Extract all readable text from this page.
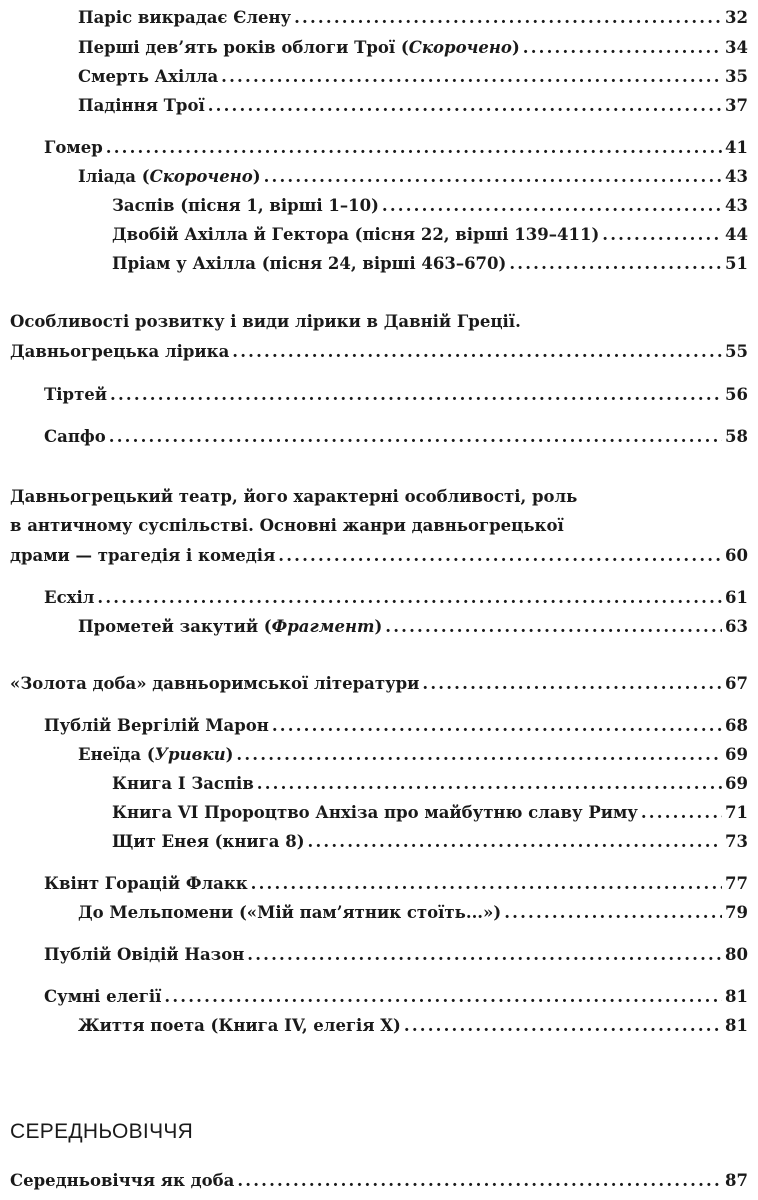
Паріс викрадає Єлену .....	32
Перші дев’ять років облоги Трої (Скорочено) .....	34
Смерть Ахілла .....	35
Падіння Трої .....	37
Гомер .....	41
Іліада (Скорочено) .....	43
Заспів (пісня 1, вірші 1–10) .....	43
Двобій Ахілла й Гектора (пісня 22, вірші 139–411) .....	44
Пріам у Ахілла (пісня 24, вірші 463–670) .....	51
Особливості розвитку і види лірики в Давній Греції.
Давньогрецька лірика .....	55
Тіртей .....	56
Сапфо .....	58
Давньогрецький театр, його характерні особливості, роль
в античному суспільстві. Основні жанри давньогрецької
драми — трагедія і комедія .....	60
Есхіл .....	61
Прометей закутий (Фрагмент) .....	63
«Золота доба» давньоримської літератури .....	67
Публій Вергілій Марон .....	68
Енеїда (Уривки) .....	69
Книга І Заспів .....	69
Книга VI Пророцтво Анхіза про майбутню славу Риму .....	71
Щит Енея (книга 8) .....	73
Квінт Горацій Флакк .....	77
До Мельпомени («Мій пам’ятник стоїть...») .....	79
Публій Овідій Назон .....	80
Сумні елегії .....	81
Життя поета (Книга IV, елегія X) .....	81
СЕРЕДНЬОВІЧЧЯ
Середньовіччя як доба .....	87
